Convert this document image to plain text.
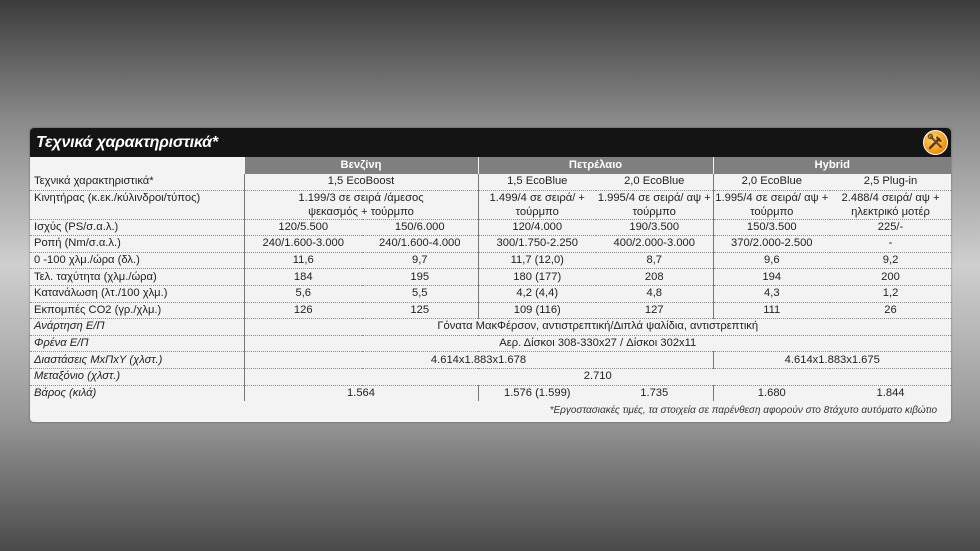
Τεχνικά χαρακτηριστικά*
	Βενζίνη		Πετρέλαιο		Hybrid	
Τεχνικά χαρακτηριστικά*	1,5 EcoBoost		1,5 EcoBlue	2,0 EcoBlue	2,0 EcoBlue	2,5 Plug-in
Κινητήρας (κ.εκ./κύλινδροι/τύπος)	1.199/3 σε σειρά /άμεσος ψεκασμός + τούρμπο		1.499/4 σε σειρά/ + τούρμπο	1.995/4 σε σειρά/ αψ + τούρμπο	1.995/4 σε σειρά/ αψ + τούρμπο	2.488/4 σειρά/ αψ + ηλεκτρικό μοτέρ
Ισχύς (PS/σ.α.λ.)	120/5.500	150/6.000	120/4.000	190/3.500	150/3.500	225/-
Ροπή (Nm/σ.α.λ.)	240/1.600-3.000	240/1.600-4.000	300/1.750-2.250	400/2.000-3.000	370/2.000-2.500	-
0 -100 χλμ./ώρα (δλ.)	11,6	9,7	11,7 (12,0)	8,7	9,6	9,2
Τελ. ταχύτητα (χλμ./ώρα)	184	195	180 (177)	208	194	200
Κατανάλωση (λτ./100 χλμ.)	5,6	5,5	4,2 (4,4)	4,8	4,3	1,2
Εκπομπές CO2 (γρ./χλμ.)	126	125	109 (116)	127	111	26
Ανάρτηση Ε/Π	Γόνατα ΜακΦέρσον, αντιστρεπτική/Διπλά ψαλίδια, αντιστρεπτική					
Φρένα Ε/Π	Αερ. Δίσκοι 308-330x27 / Δίσκοι 302x11					
Διαστάσεις ΜxΠxΥ (χλστ.)	4.614x1.883x1.678				4.614x1.883x1.675	
Μεταξόνιο (χλστ.)	2.710					
Βάρος (κιλά)	1.564		1.576 (1.599)	1.735	1.680	1.844
*Εργοστασιακές τιμές, τα στοιχεία σε παρένθεση αφορούν στο 8τάχυτο αυτόματο κιβώτιο
